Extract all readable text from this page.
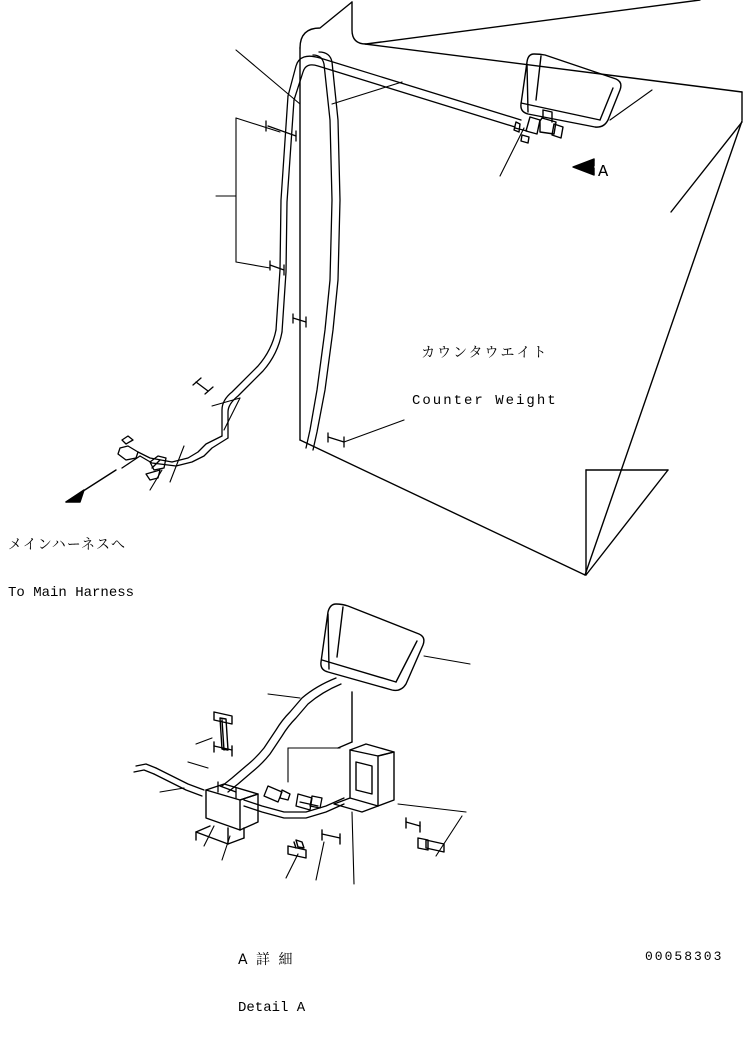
カウンタウエイト

Counter Weight

メインハーネスへ

To Main Harness

A 詳 細

Detail A

A
00058303
